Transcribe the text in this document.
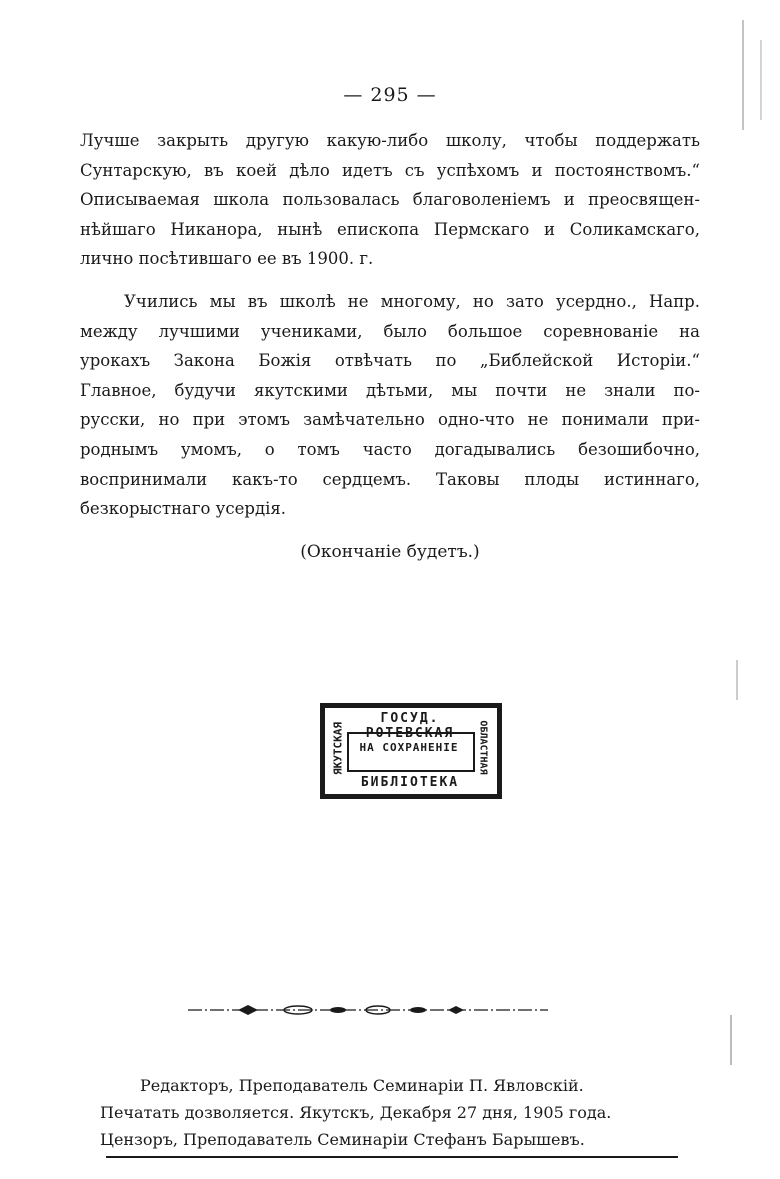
— 295 —
Лучше закрыть другую какую-либо школу, чтобы поддержать
Сунтарскую, въ коей дѣло идетъ съ успѣхомъ и постоянствомъ.“
Описываемая школа пользовалась благоволенiемъ и преосвящен-
нѣйшаго Никанора, нынѣ епископа Пермскаго и Соликамскаго,
лично посѣтившаго ее въ 1900. г.
Учились мы въ школѣ не многому, но зато усердно., Напр.
между лучшими учениками, было большое соревнованiе на
урокахъ Закона Божiя отвѣчать по „Библейской Исторiи.“
Главное, будучи якутскими дѣтьми, мы почти не знали по-
русски, но при этомъ замѣчательно одно-что не понимали при-
роднымъ умомъ, о томъ часто догадывались безошибочно,
воспринимали какъ-то сердцемъ. Таковы плоды истиннаго,
безкорыстнаго усердiя.
(Окончанiе будетъ.)
ГОСУД. РОТЕВСКАЯ
НА СОХРАНЕНIЕ
БИБЛIОТЕКА
ЯКУТСКАЯ	ОБЛАСТНАЯ
Редакторъ, Преподаватель Семинарiи П. Явловскiй.
Печатать дозволяется. Якутскъ, Декабря 27 дня, 1905 года.
Цензоръ, Преподаватель Семинарiи Стефанъ Барышевъ.
